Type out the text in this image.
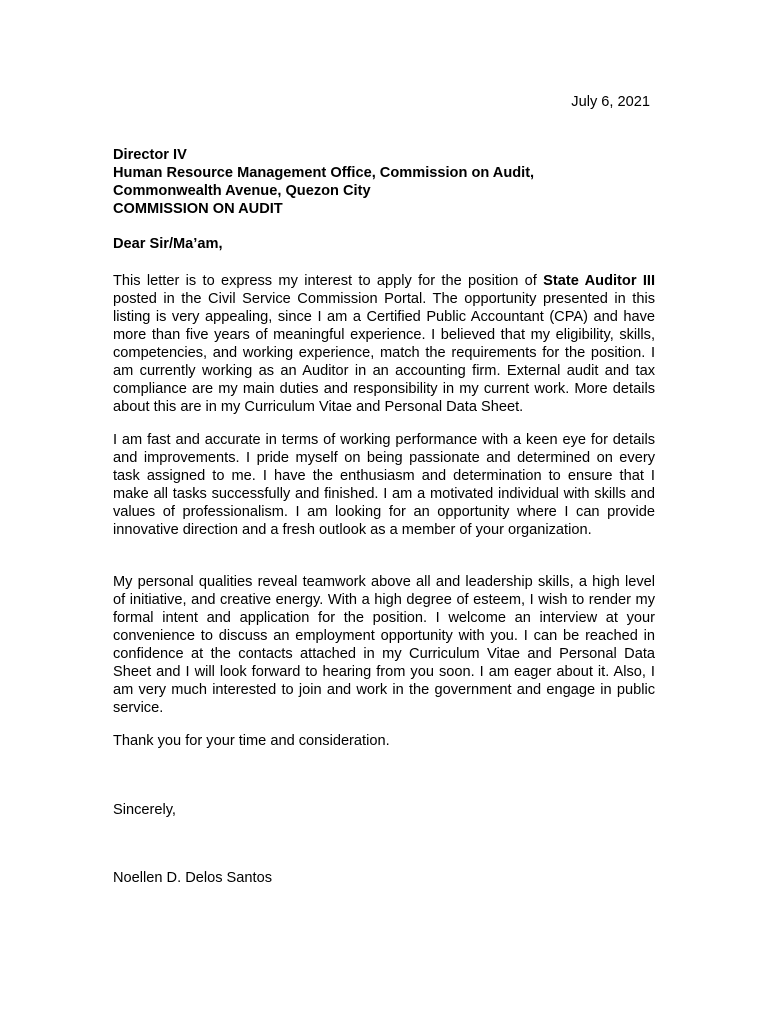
July 6, 2021

Director IV
Human Resource Management Office, Commission on Audit,
Commonwealth Avenue, Quezon City
COMMISSION ON AUDIT

Dear Sir/Ma’am,

This letter is to express my interest to apply for the position of State Auditor III posted in the Civil Service Commission Portal. The opportunity presented in this listing is very appealing, since I am a Certified Public Accountant (CPA) and have more than five years of meaningful experience. I believed that my eligibility, skills, competencies, and working experience, match the requirements for the position. I am currently working as an Auditor in an accounting firm. External audit and tax compliance are my main duties and responsibility in my current work. More details about this are in my Curriculum Vitae and Personal Data Sheet.

I am fast and accurate in terms of working performance with a keen eye for details and improvements. I pride myself on being passionate and determined on every task assigned to me. I have the enthusiasm and determination to ensure that I make all tasks successfully and finished. I am a motivated individual with skills and values of professionalism. I am looking for an opportunity where I can provide innovative direction and a fresh outlook as a member of your organization.

My personal qualities reveal teamwork above all and leadership skills, a high level of initiative, and creative energy. With a high degree of esteem, I wish to render my formal intent and application for the position. I welcome an interview at your convenience to discuss an employment opportunity with you. I can be reached in confidence at the contacts attached in my Curriculum Vitae and Personal Data Sheet and I will look forward to hearing from you soon. I am eager about it. Also, I am very much interested to join and work in the government and engage in public service.

Thank you for your time and consideration.

Sincerely,

Noellen D. Delos Santos
